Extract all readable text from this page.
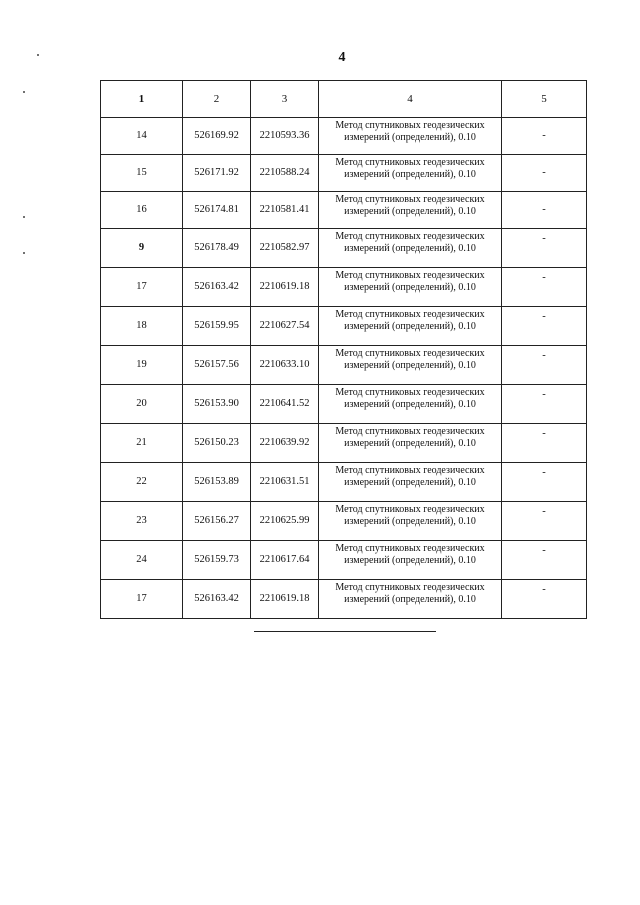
4
1	2	3	4	5
14	526169.92	2210593.36	Метод спутниковых геодезических
измерений (определений), 0.10	-
15	526171.92	2210588.24	Метод спутниковых геодезических
измерений (определений), 0.10	-
16	526174.81	2210581.41	Метод спутниковых геодезических
измерений (определений), 0.10	-
9	526178.49	2210582.97	Метод спутниковых геодезических
измерений (определений), 0.10	-
17	526163.42	2210619.18	Метод спутниковых геодезических
измерений (определений), 0.10	-
18	526159.95	2210627.54	Метод спутниковых геодезических
измерений (определений), 0.10	-
19	526157.56	2210633.10	Метод спутниковых геодезических
измерений (определений), 0.10	-
20	526153.90	2210641.52	Метод спутниковых геодезических
измерений (определений), 0.10	-
21	526150.23	2210639.92	Метод спутниковых геодезических
измерений (определений), 0.10	-
22	526153.89	2210631.51	Метод спутниковых геодезических
измерений (определений), 0.10	-
23	526156.27	2210625.99	Метод спутниковых геодезических
измерений (определений), 0.10	-
24	526159.73	2210617.64	Метод спутниковых геодезических
измерений (определений), 0.10	-
17	526163.42	2210619.18	Метод спутниковых геодезических
измерений (определений), 0.10	-
